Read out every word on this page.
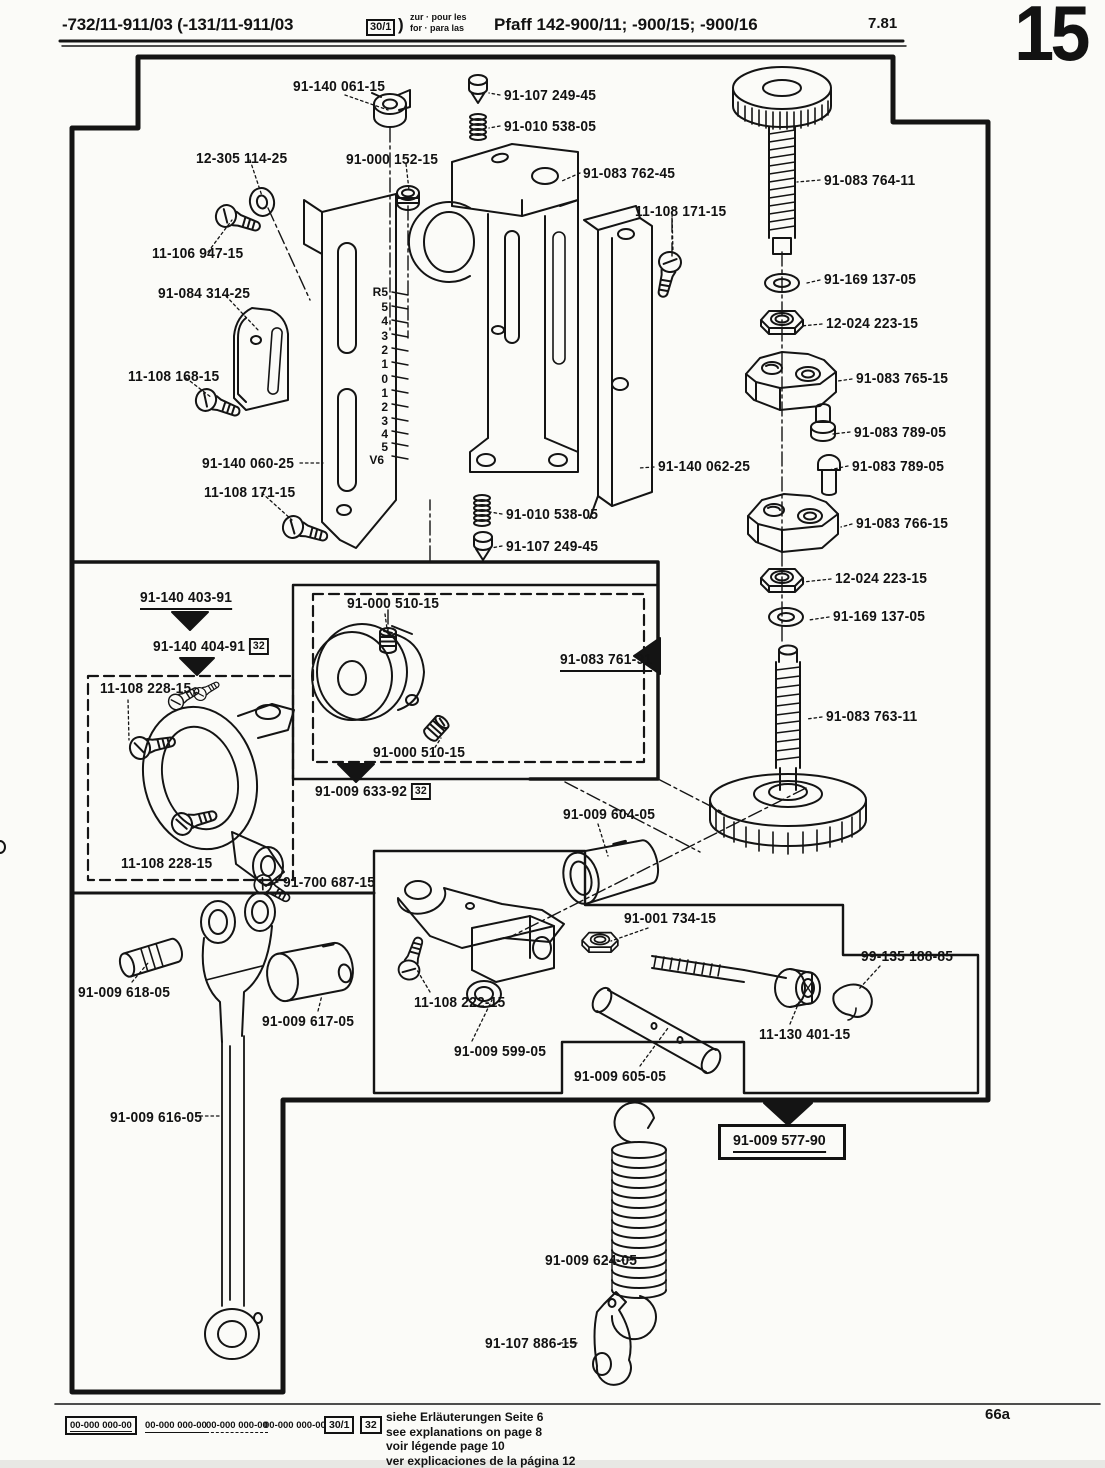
-732/11-911/03 (-131/11-911/03	30/1 ) zur · pour les
for · para las Pfaff 142-900/11; -900/15; -900/16	7.81 15
91-140 061-15
91-107 249-45
91-010 538-05
91-000 152-15
12-305 114-25
11-106 947-15
91-084 314-25
11-108 168-15
91-083 762-45
11-108 171-15
91-083 764-11
91-169 137-05
12-024 223-15
91-083 765-15
91-083 789-05
91-083 789-05
91-083 766-15
12-024 223-15
91-169 137-05
91-140 060-25
11-108 171-15
91-010 538-05
91-107 249-45
91-140 062-25
91-140 403-91
91-140 404-91 32
11-108 228-15
91-000 510-15
91-000 510-15
91-009 633-92 32
11-108 228-15
91-700 687-15
91-083 761-91
91-083 763-11
91-009 604-05
91-001 734-15
11-108 222-15
91-009 599-05
91-009 605-05
11-130 401-15
99-135 188-85
91-009 618-05
91-009 617-05
91-009 616-05
91-009 577-90
91-009 624-05
91-107 886-15
R5
5
4
3
2
1
0
1
2
3
4
5
V6
00-000 000-00	00-000 000-00 00-000 000-00
00-000 000-00 30/1	32
siehe Erläuterungen Seite 6
see explanations on page 8
voir légende page 10
ver explicaciones de la página 12
66a
